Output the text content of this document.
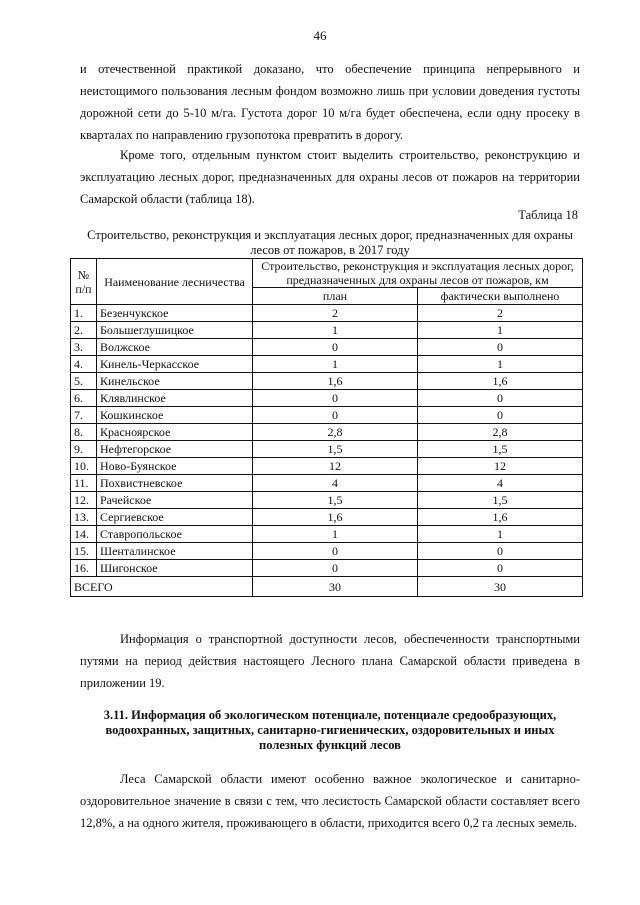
46

и отечественной практикой доказано, что обеспечение принципа непрерывного и неистощимого пользования лесным фондом возможно лишь при условии доведения густоты дорожной сети до 5-10 м/га. Густота дорог 10 м/га будет обеспечена, если одну просеку в кварталах по направлению грузопотока превратить в дорогу.

Кроме того, отдельным пунктом стоит выделить строительство, реконструкцию и эксплуатацию лесных дорог, предназначенных для охраны лесов от пожаров на территории Самарской области (таблица 18).

Таблица 18
Строительство, реконструкция и эксплуатация лесных дорог, предназначенных для охраны лесов от пожаров, в 2017 году
№ п/п	Наименование лесничества	Строительство, реконструкция и эксплуатация лесных дорог, предназначенных для охраны лесов от пожаров, км	
		план	фактически выполнено
1.	Безенчукское	2	2
2.	Большеглушицкое	1	1
3.	Волжское	0	0
4.	Кинель-Черкасское	1	1
5.	Кинельское	1,6	1,6
6.	Клявлинское	0	0
7.	Кошкинское	0	0
8.	Красноярское	2,8	2,8
9.	Нефтегорское	1,5	1,5
10.	Ново-Буянское	12	12
11.	Похвистневское	4	4
12.	Рачейское	1,5	1,5
13.	Сергиевское	1,6	1,6
14.	Ставропольское	1	1
15.	Шенталинское	0	0
16.	Шигонское	0	0
ВСЕГО		30	30

Информация о транспортной доступности лесов, обеспеченности транспортными путями на период действия настоящего Лесного плана Самарской области приведена в приложении 19.

3.11. Информация об экологическом потенциале, потенциале средообразующих, водоохранных, защитных, санитарно-гигиенических, оздоровительных и иных полезных функций лесов

Леса Самарской области имеют особенно важное экологическое и санитарно-оздоровительное значение в связи с тем, что лесистость Самарской области составляет всего 12,8%, а на одного жителя, проживающего в области, приходится всего 0,2 га лесных земель.
